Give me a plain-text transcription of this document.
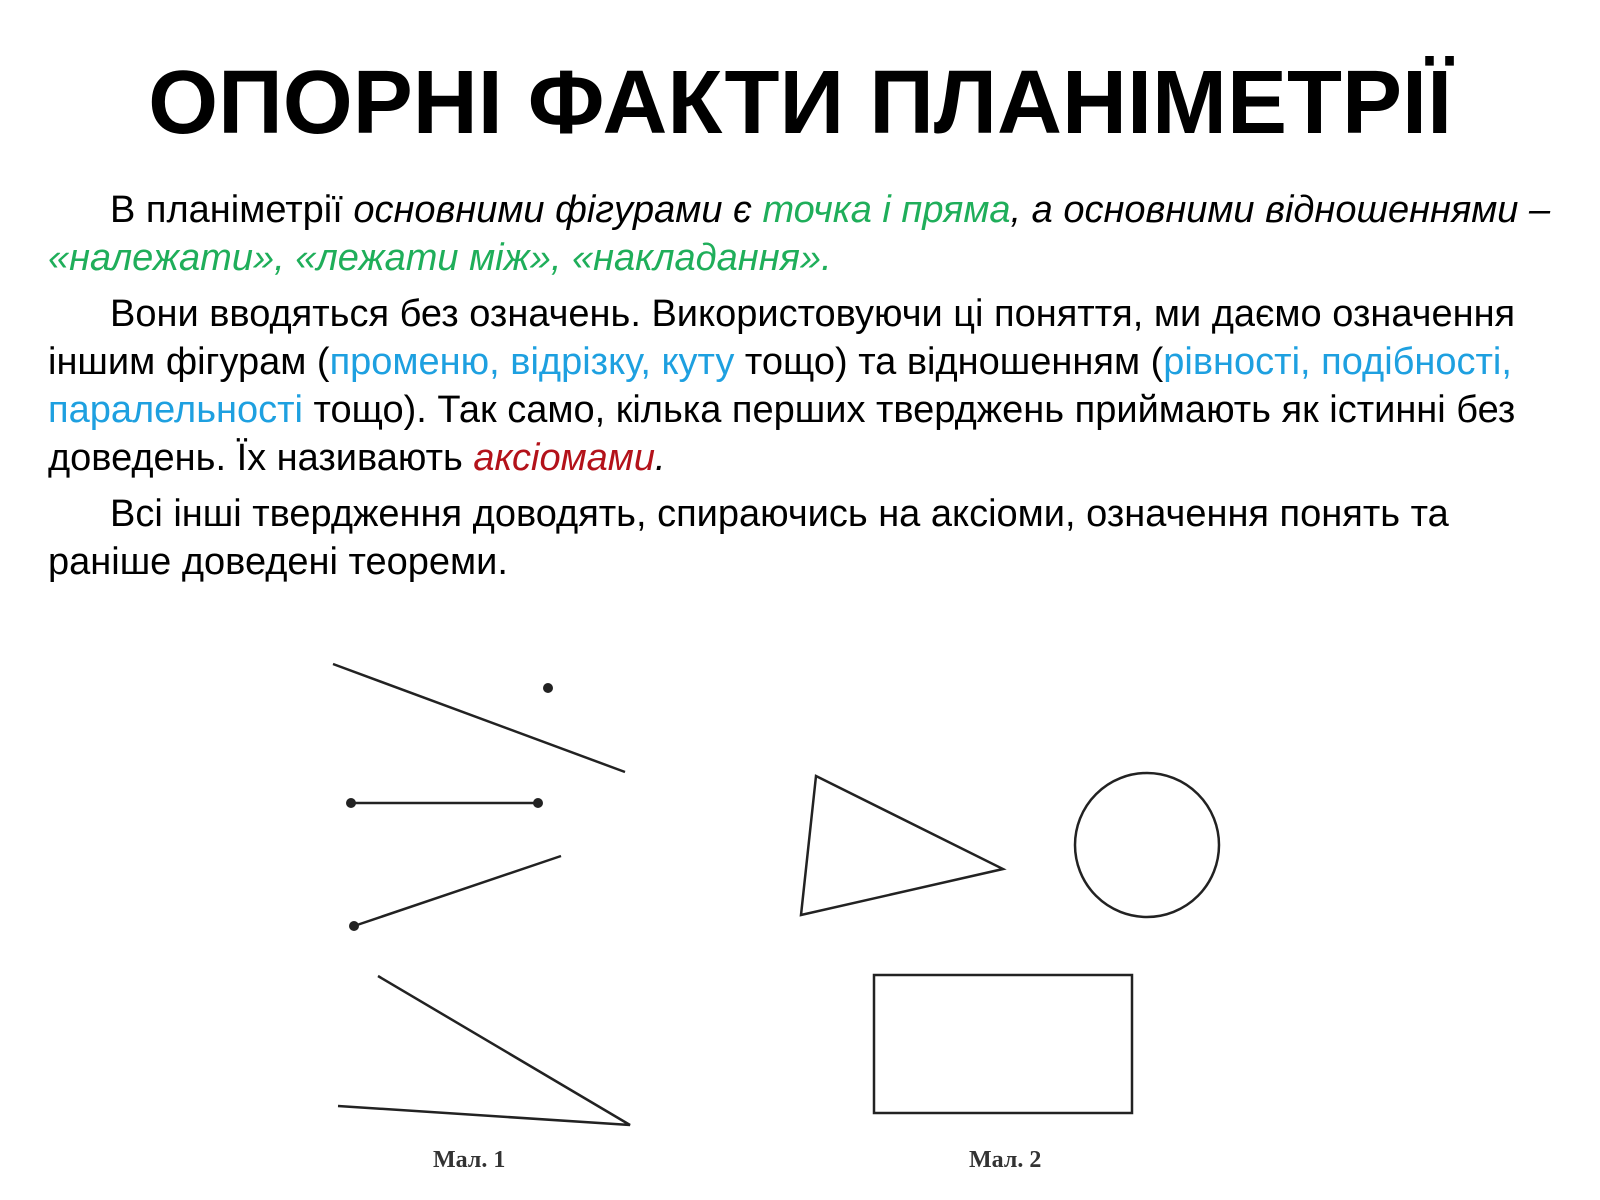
ОПОРНІ ФАКТИ ПЛАНІМЕТРІЇ

В планіметрії основними фігурами є точка і пряма, а основними відношеннями – «належати», «лежати між», «накладання».

Вони вводяться без означень. Використовуючи ці поняття, ми даємо означення іншим фігурам (променю, відрізку, куту тощо) та відношенням (рівності, подібності, паралельності тощо). Так само, кілька перших тверджень приймають як істинні без доведень. Їх називають аксіомами.

Всі інші твердження доводять, спираючись на аксіоми, означення понять та раніше доведені теореми.

Мал. 1	Мал. 2
